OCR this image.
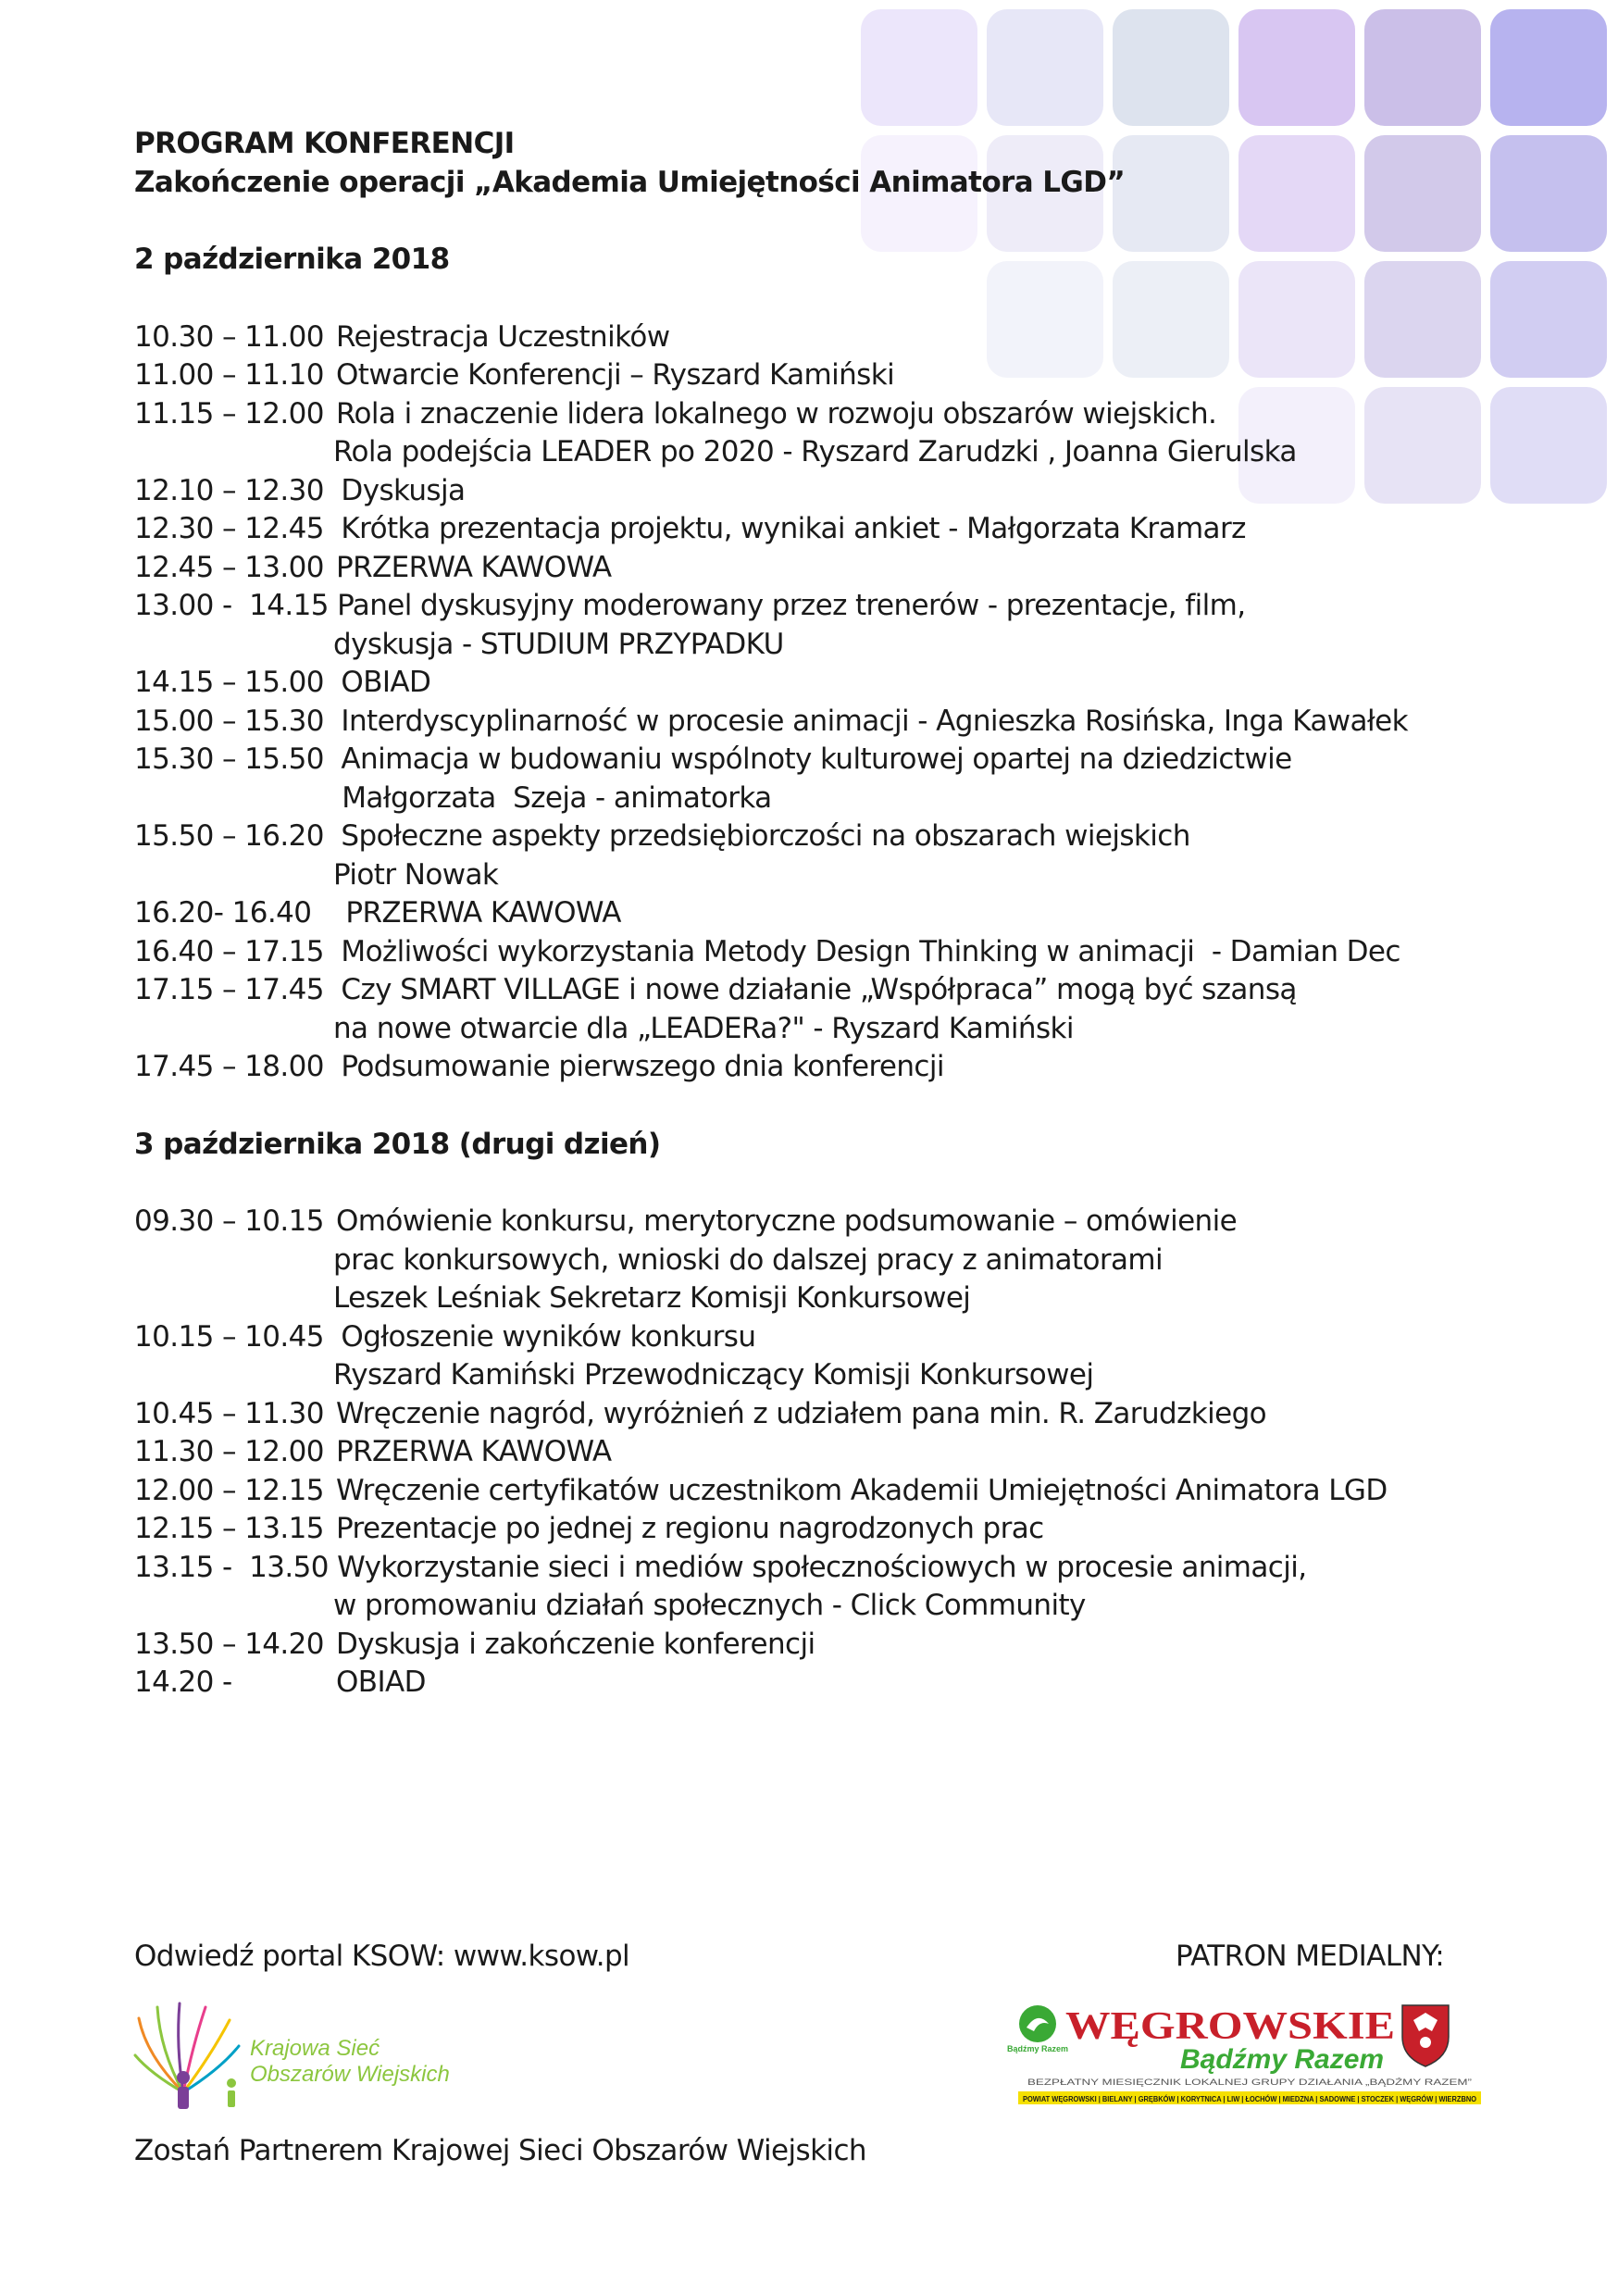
PROGRAM KONFERENCJI
Zakończenie operacji „Akademia Umiejętności Animatora LGD”
2 października 2018
10.30 – 11.00 Rejestracja Uczestników
11.00 – 11.10 Otwarcie Konferencji – Ryszard Kamiński
11.15 – 12.00 Rola i znaczenie lidera lokalnego w rozwoju obszarów wiejskich.
Rola podejścia LEADER po 2020 - Ryszard Zarudzki , Joanna Gierulska
12.10 – 12.30 Dyskusja
12.30 – 12.45 Krótka prezentacja projektu, wynikai ankiet - Małgorzata Kramarz
12.45 – 13.00 PRZERWA KAWOWA
13.00 -  14.15 Panel dyskusyjny moderowany przez trenerów - prezentacje, film,
dyskusja - STUDIUM PRZYPADKU
14.15 – 15.00 OBIAD
15.00 – 15.30 Interdyscyplinarność w procesie animacji - Agnieszka Rosińska, Inga Kawałek
15.30 – 15.50 Animacja w budowaniu wspólnoty kulturowej opartej na dziedzictwie
Małgorzata  Szeja - animatorka
15.50 – 16.20 Społeczne aspekty przedsiębiorczości na obszarach wiejskich
Piotr Nowak
16.20- 16.40 PRZERWA KAWOWA
16.40 – 17.15 Możliwości wykorzystania Metody Design Thinking w animacji  - Damian Dec
17.15 – 17.45 Czy SMART VILLAGE i nowe działanie „Współpraca” mogą być szansą
na nowe otwarcie dla „LEADERa?" - Ryszard Kamiński
17.45 – 18.00 Podsumowanie pierwszego dnia konferencji
3 października 2018 (drugi dzień)
09.30 – 10.15 Omówienie konkursu, merytoryczne podsumowanie – omówienie
prac konkursowych, wnioski do dalszej pracy z animatorami
Leszek Leśniak Sekretarz Komisji Konkursowej
10.15 – 10.45 Ogłoszenie wyników konkursu
Ryszard Kamiński Przewodniczący Komisji Konkursowej
10.45 – 11.30 Wręczenie nagród, wyróżnień z udziałem pana min. R. Zarudzkiego
11.30 – 12.00 PRZERWA KAWOWA
12.00 – 12.15 Wręczenie certyfikatów uczestnikom Akademii Umiejętności Animatora LGD
12.15 – 13.15 Prezentacje po jednej z regionu nagrodzonych prac
13.15 -  13.50 Wykorzystanie sieci i mediów społecznościowych w procesie animacji,
w promowaniu działań społecznych - Click Community
13.50 – 14.20 Dyskusja i zakończenie konferencji
14.20 -	OBIAD
Odwiedź portal KSOW: www.ksow.pl	PATRON MEDIALNY:
Zostań Partnerem Krajowej Sieci Obszarów Wiejskich
Krajowa Sieć
Obszarów Wiejskich
Bądźmy Razem
WĘGROWSKIE
Bądźmy Razem
BEZPŁATNY MIESIĘCZNIK LOKALNEJ GRUPY DZIAŁANIA „BĄDŹMY RAZEM”
POWIAT WĘGROWSKI | BIELANY | GRĘBKÓW | KORYTNICA | LIW | ŁOCHÓW | MIEDZNA | SADOWNE | STOCZEK | WĘGRÓW | WIERZBNO
